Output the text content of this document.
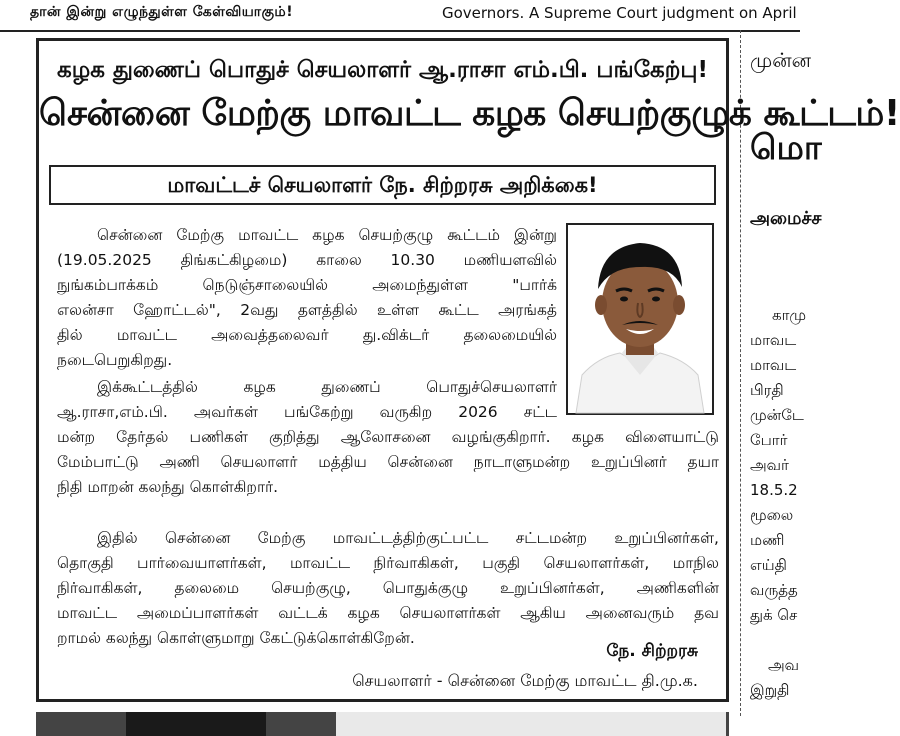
தான் இன்று எழுந்துள்ள கேள்வியாகும்!	Governors. A Supreme Court judgment on April
கழக துணைப் பொதுச் செயலாளர் ஆ.ராசா எம்.பி. பங்கேற்பு!
சென்னை மேற்கு மாவட்ட கழக செயற்குழுக் கூட்டம்!
மாவட்டச் செயலாளர் நே. சிற்றரசு அறிக்கை!
சென்னை மேற்கு மாவட்ட கழக செயற்குழு கூட்டம் இன்று
(19.05.2025 திங்கட்கிழமை) காலை 10.30 மணியளவில்
நுங்கம்பாக்கம் நெடுஞ்சாலையில் அமைந்துள்ள "பார்க்
எலன்சா ஹோட்டல்", 2வது தளத்தில் உள்ள கூட்ட அரங்கத்
தில் மாவட்ட அவைத்தலைவர் து.விக்டர் தலைமையில்
நடைபெறுகிறது.
இக்கூட்டத்தில் கழக துணைப் பொதுச்செயலாளர்
ஆ.ராசா,எம்.பி. அவர்கள் பங்கேற்று வருகிற 2026 சட்ட
மன்ற தேர்தல் பணிகள் குறித்து ஆலோசனை வழங்குகிறார். கழக விளையாட்டு
மேம்பாட்டு அணி செயலாளர் மத்திய சென்னை நாடாளுமன்ற உறுப்பினர் தயா
நிதி மாறன் கலந்து கொள்கிறார்.
இதில் சென்னை மேற்கு மாவட்டத்திற்குட்பட்ட சட்டமன்ற உறுப்பினர்கள்,
தொகுதி பார்வையாளர்கள், மாவட்ட நிர்வாகிகள், பகுதி செயலாளர்கள், மாநில
நிர்வாகிகள், தலைமை செயற்குழு, பொதுக்குழு உறுப்பினர்கள், அணிகளின்
மாவட்ட அமைப்பாளர்கள் வட்டக் கழக செயலாளர்கள் ஆகிய அனைவரும் தவ
றாமல் கலந்து கொள்ளுமாறு கேட்டுக்கொள்கிறேன்.
நே. சிற்றரசு
செயலாளர் - சென்னை மேற்கு மாவட்ட தி.மு.க.
முன்ன
மொ
அமைச்ச
காமு
மாவட
மாவட
பிரதி
முன்டே
போர்
அவர்
18.5.2
மூலை
மணி
எய்தி
வருத்த
துக் செ
அவ
இறுதி
